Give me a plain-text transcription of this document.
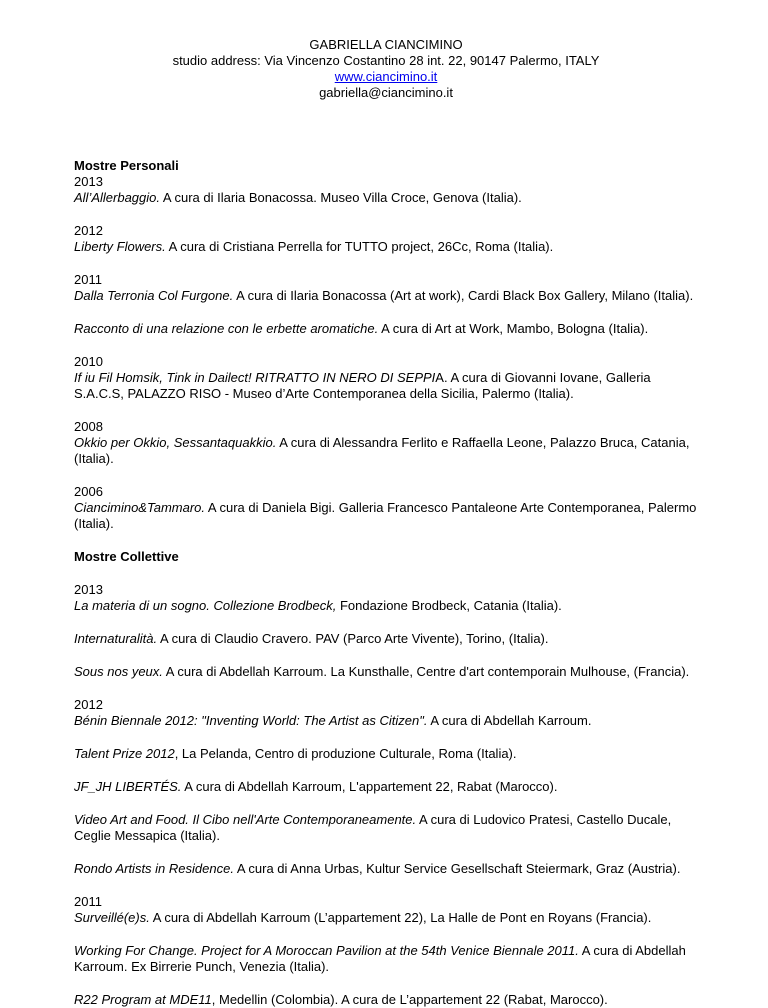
GABRIELLA CIANCIMINO
studio address: Via Vincenzo Costantino 28 int. 22, 90147 Palermo, ITALY
www.ciancimino.it
gabriella@ciancimino.it
Mostre Personali
2013
All’Allerbaggio. A cura di Ilaria Bonacossa. Museo Villa Croce, Genova (Italia).
2012
Liberty Flowers. A cura di Cristiana Perrella for TUTTO project, 26Cc, Roma (Italia).
2011
Dalla Terronia Col Furgone. A cura di Ilaria Bonacossa (Art at work), Cardi Black Box Gallery, Milano (Italia).
Racconto di una relazione con le erbette aromatiche. A cura di Art at Work, Mambo, Bologna (Italia).
2010
If iu Fil Homsik, Tink in Dailect! RITRATTO IN NERO DI SEPPIA. A cura di Giovanni Iovane, Galleria S.A.C.S, PALAZZO RISO - Museo d’Arte Contemporanea della Sicilia, Palermo (Italia).
2008
Okkio per Okkio, Sessantaquakkio. A cura di Alessandra Ferlito e Raffaella Leone, Palazzo Bruca, Catania, (Italia).
2006
Ciancimino&Tammaro. A cura di Daniela Bigi. Galleria Francesco Pantaleone Arte Contemporanea, Palermo (Italia).
Mostre Collettive
2013
La materia di un sogno. Collezione Brodbeck, Fondazione Brodbeck, Catania (Italia).
Internaturalità. A cura di Claudio Cravero. PAV (Parco Arte Vivente), Torino, (Italia).
Sous nos yeux. A cura di Abdellah Karroum. La Kunsthalle, Centre d'art contemporain Mulhouse, (Francia).
2012
Bénin Biennale 2012: "Inventing World: The Artist as Citizen". A cura di Abdellah Karroum.
Talent Prize 2012, La Pelanda, Centro di produzione Culturale, Roma (Italia).
JF_JH LIBERTÉS. A cura di Abdellah Karroum, L'appartement 22, Rabat (Marocco).
Video Art and Food. Il Cibo nell'Arte Contemporaneamente. A cura di Ludovico Pratesi, Castello Ducale, Ceglie Messapica (Italia).
Rondo Artists in Residence. A cura di Anna Urbas, Kultur Service Gesellschaft Steiermark, Graz (Austria).
2011
Surveillé(e)s. A cura di Abdellah Karroum (L’appartement 22), La Halle de Pont en Royans (Francia).
Working For Change. Project for A Moroccan Pavilion at the 54th Venice Biennale 2011. A cura di Abdellah Karroum. Ex Birrerie Punch, Venezia (Italia).
R22 Program at MDE11, Medellin (Colombia). A cura de L’appartement 22 (Rabat, Marocco).
